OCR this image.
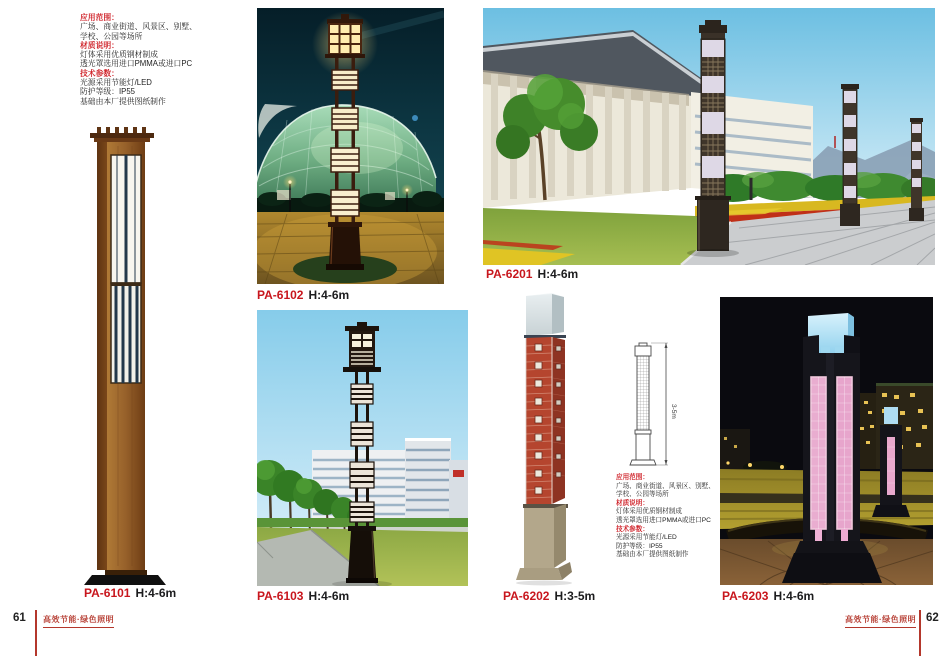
应用范围：
广场、商业街道、风景区、别墅、
学校、公园等场所
材质说明：
灯体采用优质钢材制成
透光罩选用进口PMMA或进口PC
技术参数：
光源采用节能灯/LED
防护等级：IP55
基础由本厂提供图纸制作
PA-6101 H:4-6m
PA-6102 H:4-6m
PA-6201 H:4-6m
PA-6103 H:4-6m	PA-6202 H:3-5m
3-5m
应用范围：
广场、商业街道、风景区、别墅、
学校、公园等场所
材质说明：
灯体采用优质钢材制成
透光罩选用进口PMMA或进口PC
技术参数：
光源采用节能灯/LED
防护等级：IP55
基础由本厂提供图纸制作
PA-6203 H:4-6m
61 高效节能·绿色照明	高效节能·绿色照明 62
